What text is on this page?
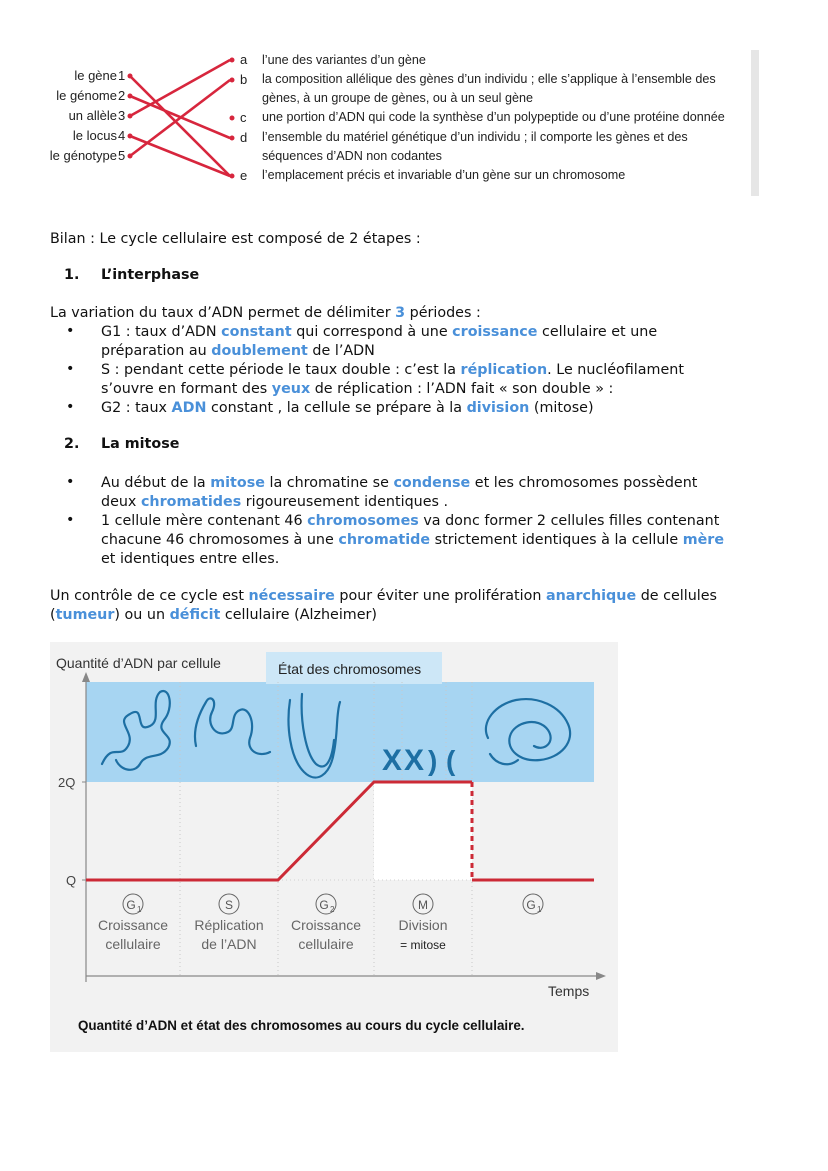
le gène 1
le génome 2
un allèle 3
le locus 4
le génotype 5
a l’une des variantes d’un gène
b la composition allélique des gènes d’un individu ; elle s’applique à l’ensemble des
gènes, à un groupe de gènes, ou à un seul gène
c une portion d’ADN qui code la synthèse d’un polypeptide ou d’une protéine donnée
d l’ensemble du matériel génétique d’un individu ; il comporte les gènes et des
séquences d’ADN non codantes
e l’emplacement précis et invariable d’un gène sur un chromosome
Bilan : Le cycle cellulaire est composé de 2 étapes :
1. L’interphase
La variation du taux d’ADN permet de délimiter 3 périodes :
• G1 : taux d’ADN constant qui correspond à une croissance cellulaire et une
préparation au doublement de l’ADN
• S : pendant cette période le taux double : c’est la réplication. Le nucléofilament
s’ouvre en formant des yeux de réplication : l’ADN fait « son double » :
• G2 : taux ADN constant , la cellule se prépare à la division (mitose)
2. La mitose
• Au début de la mitose la chromatine se condense et les chromosomes possèdent
deux chromatides rigoureusement identiques .
• 1 cellule mère contenant 46 chromosomes va donc former 2 cellules filles contenant
chacune 46 chromosomes à une chromatide strictement identiques à la cellule mère
et identiques entre elles.
Un contrôle de ce cycle est nécessaire pour éviter une prolifération anarchique de cellules
(tumeur) ou un déficit cellulaire (Alzheimer)
État des chromosomes
Quantité d’ADN par cellule
X X ) (
2Q
Q
Temps
G 1
Croissance
cellulaire
S
Réplication
de l’ADN
G 2
Croissance
cellulaire
M
Division
= mitose
G 1
Quantité d’ADN et état des chromosomes au cours du cycle cellulaire.
